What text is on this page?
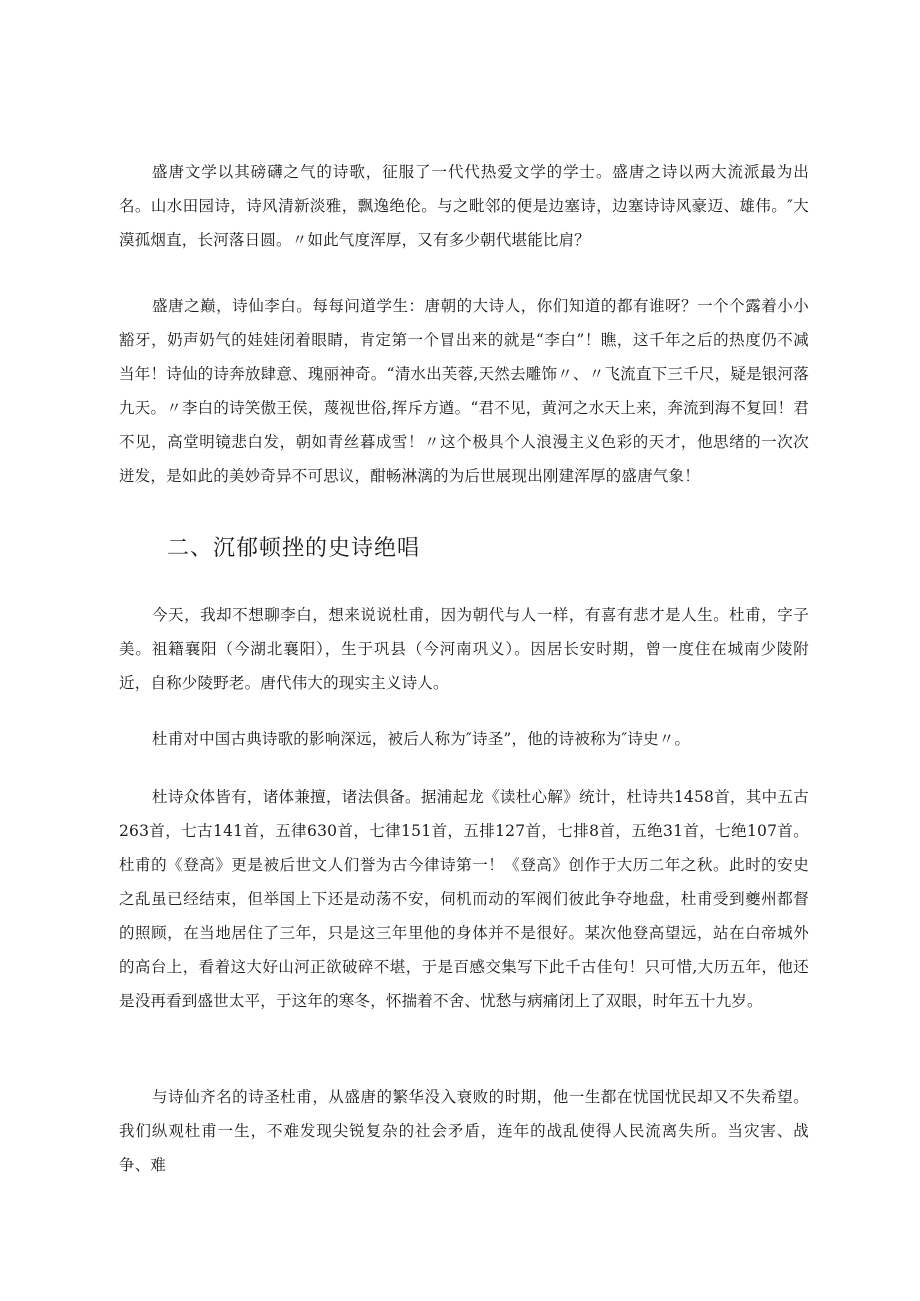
盛唐文学以其磅礴之气的诗歌，征服了一代代热爱文学的学士。盛唐之诗以两大流派最为出名。山水田园诗，诗风清新淡雅，飘逸绝伦。与之毗邻的便是边塞诗，边塞诗诗风豪迈、雄伟。″大漠孤烟直，长河落日圆。〃如此气度浑厚，又有多少朝代堪能比肩？

盛唐之巅，诗仙李白。每每问道学生：唐朝的大诗人，你们知道的都有谁呀？一个个露着小小豁牙，奶声奶气的娃娃闭着眼睛，肯定第一个冒出来的就是“李白”！瞧，这千年之后的热度仍不减当年！诗仙的诗奔放肆意、瑰丽神奇。“清水出芙蓉,天然去雕饰〃、〃飞流直下三千尺，疑是银河落九天。〃李白的诗笑傲王侯，蔑视世俗,挥斥方遒。“君不见，黄河之水天上来，奔流到海不复回！君不见，高堂明镜悲白发，朝如青丝暮成雪！〃这个极具个人浪漫主义色彩的天才，他思绪的一次次迸发，是如此的美妙奇异不可思议，酣畅淋漓的为后世展现出刚建浑厚的盛唐气象！

二、沉郁顿挫的史诗绝唱

今天，我却不想聊李白，想来说说杜甫，因为朝代与人一样，有喜有悲才是人生。杜甫，字子美。祖籍襄阳（今湖北襄阳），生于巩县（今河南巩义）。因居长安时期，曾一度住在城南少陵附近，自称少陵野老。唐代伟大的现实主义诗人。

杜甫对中国古典诗歌的影响深远，被后人称为″诗圣”，他的诗被称为″诗史〃。

杜诗众体皆有，诸体兼擅，诸法俱备。据浦起龙《读杜心解》统计，杜诗共1458首，其中五古263首，七古141首，五律630首，七律151首，五排127首，七排8首，五绝31首，七绝107首。杜甫的《登高》更是被后世文人们誉为古今律诗第一！《登高》创作于大历二年之秋。此时的安史之乱虽已经结束，但举国上下还是动荡不安，伺机而动的军阀们彼此争夺地盘，杜甫受到夔州都督的照顾，在当地居住了三年，只是这三年里他的身体并不是很好。某次他登高望远，站在白帝城外的高台上，看着这大好山河正欲破碎不堪，于是百感交集写下此千古佳句！只可惜,大历五年，他还是没再看到盛世太平，于这年的寒冬，怀揣着不舍、忧愁与病痛闭上了双眼，时年五十九岁。

与诗仙齐名的诗圣杜甫，从盛唐的繁华没入衰败的时期，他一生都在忧国忧民却又不失希望。我们纵观杜甫一生，不难发现尖锐复杂的社会矛盾，连年的战乱使得人民流离失所。当灾害、战争、难
